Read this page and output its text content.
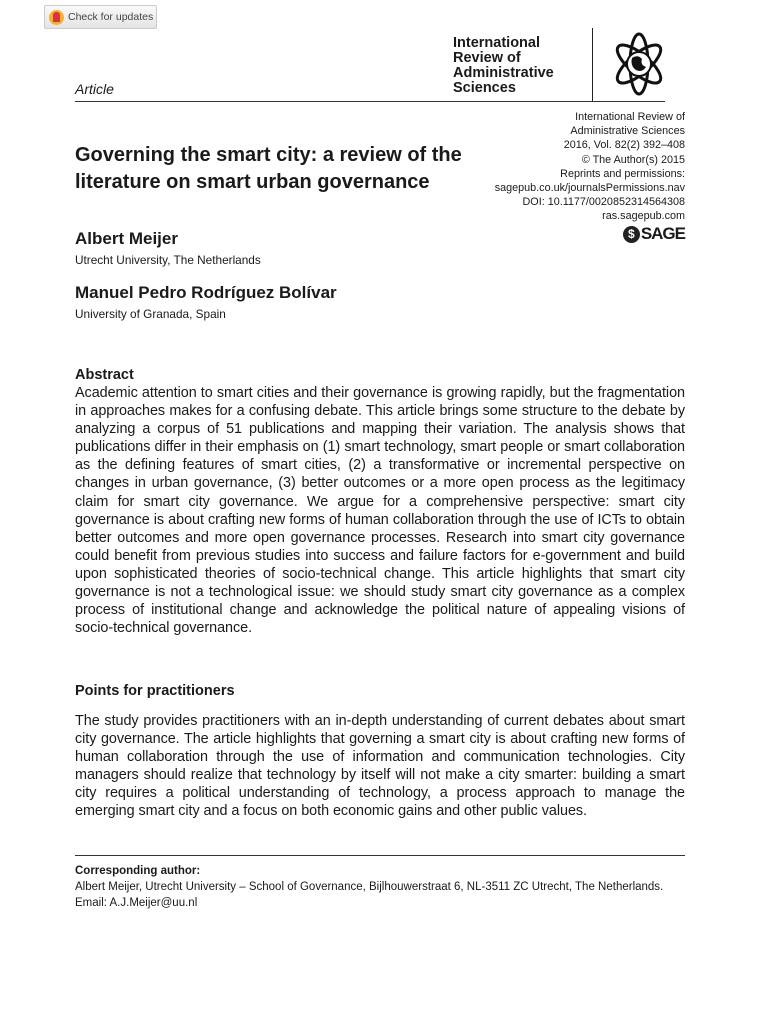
Check for updates
International
Review of
Administrative
Sciences
Article
International Review of
Administrative Sciences
2016, Vol. 82(2) 392–408
© The Author(s) 2015
Reprints and permissions:
sagepub.co.uk/journalsPermissions.nav
DOI: 10.1177/0020852314564308
ras.sagepub.com
$ SAGE
Governing the smart city: a review of the literature on smart urban governance
Albert Meijer
Utrecht University, The Netherlands
Manuel Pedro Rodríguez Bolívar
University of Granada, Spain
Abstract

Academic attention to smart cities and their governance is growing rapidly, but the fragmentation in approaches makes for a confusing debate. This article brings some structure to the debate by analyzing a corpus of 51 publications and mapping their variation. The analysis shows that publications differ in their emphasis on (1) smart technology, smart people or smart collaboration as the defining features of smart cities, (2) a transformative or incremental perspective on changes in urban governance, (3) better outcomes or a more open process as the legitimacy claim for smart city governance. We argue for a comprehensive perspective: smart city governance is about crafting new forms of human collaboration through the use of ICTs to obtain better outcomes and more open governance processes. Research into smart city governance could benefit from previous studies into success and failure factors for e-government and build upon sophisticated theories of socio-technical change. This article highlights that smart city governance is not a technological issue: we should study smart city governance as a complex process of institutional change and acknowledge the political nature of appealing visions of socio-technical governance.

Points for practitioners

The study provides practitioners with an in-depth understanding of current debates about smart city governance. The article highlights that governing a smart city is about crafting new forms of human collaboration through the use of information and communication technologies. City managers should realize that technology by itself will not make a city smarter: building a smart city requires a political understanding of technology, a process approach to manage the emerging smart city and a focus on both economic gains and other public values.

Corresponding author:
Albert Meijer, Utrecht University – School of Governance, Bijlhouwerstraat 6, NL-3511 ZC Utrecht, The Netherlands.
Email: A.J.Meijer@uu.nl
